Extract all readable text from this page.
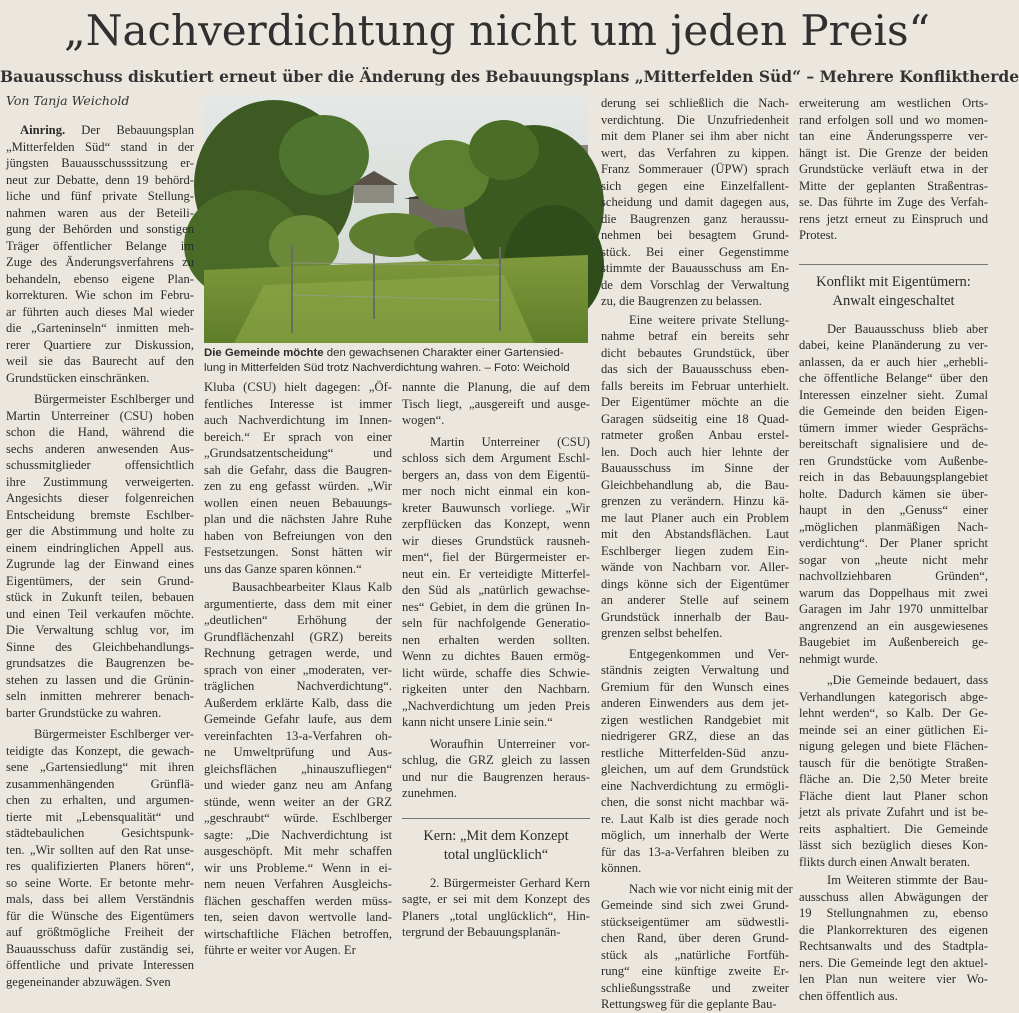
„Nachverdichtung nicht um jeden Preis“
Bauausschuss diskutiert erneut über die Änderung des Bebauungsplans „Mitterfelden Süd“ – Mehrere Konfliktherde
Von Tanja Weichold
Die Gemeinde möchte den gewachsenen Charakter einer Gartensied-
lung in Mitterfelden Süd trotz Nachverdichtung wahren. – Foto: Weichold

Ainring. Der Bebauungsplan
„Mitterfelden Süd“ stand in der
jüngsten Bauausschusssitzung er-
neut zur Debatte, denn 19 behörd-
liche und fünf private Stellung-
nahmen waren aus der Beteili-
gung der Behörden und sonstigen
Träger öffentlicher Belange im
Zuge des Änderungsverfahrens zu
behandeln, ebenso eigene Plan-
korrekturen. Wie schon im Febru-
ar führten auch dieses Mal wieder
die „Garteninseln“ inmitten meh-
rerer Quartiere zur Diskussion,
weil sie das Baurecht auf den
Grundstücken einschränken.

Bürgermeister Eschlberger und
Martin Unterreiner (CSU) hoben
schon die Hand, während die
sechs anderen anwesenden Aus-
schussmitglieder offensichtlich
ihre Zustimmung verweigerten.
Angesichts dieser folgenreichen
Entscheidung bremste Eschlber-
ger die Abstimmung und holte zu
einem eindringlichen Appell aus.
Zugrunde lag der Einwand eines
Eigentümers, der sein Grund-
stück in Zukunft teilen, bebauen
und einen Teil verkaufen möchte.
Die Verwaltung schlug vor, im
Sinne des Gleichbehandlungs-
grundsatzes die Baugrenzen be-
stehen zu lassen und die Grünin-
seln inmitten mehrerer benach-
barter Grundstücke zu wahren.

Bürgermeister Eschlberger ver-
teidigte das Konzept, die gewach-
sene „Gartensiedlung“ mit ihren
zusammenhängenden Grünflä-
chen zu erhalten, und argumen-
tierte mit „Lebensqualität“ und
städtebaulichen Gesichtspunk-
ten. „Wir sollten auf den Rat unse-
res qualifizierten Planers hören“,
so seine Worte. Er betonte mehr-
mals, dass bei allem Verständnis
für die Wünsche des Eigentümers
auf größtmögliche Freiheit der
Bauausschuss dafür zuständig sei,
öffentliche und private Interessen
gegeneinander abzuwägen. Sven

Kluba (CSU) hielt dagegen: „Öf-
fentliches Interesse ist immer
auch Nachverdichtung im Innen-
bereich.“ Er sprach von einer
„Grundsatzentscheidung“ und
sah die Gefahr, dass die Baugren-
zen zu eng gefasst würden. „Wir
wollen einen neuen Bebauungs-
plan und die nächsten Jahre Ruhe
haben von Befreiungen von den
Festsetzungen. Sonst hätten wir
uns das Ganze sparen können.“

Bausachbearbeiter Klaus Kalb
argumentierte, dass dem mit einer
„deutlichen“ Erhöhung der
Grundflächenzahl (GRZ) bereits
Rechnung getragen werde, und
sprach von einer „moderaten, ver-
träglichen Nachverdichtung“.
Außerdem erklärte Kalb, dass die
Gemeinde Gefahr laufe, aus dem
vereinfachten 13-a-Verfahren oh-
ne Umweltprüfung und Aus-
gleichsflächen „hinauszufliegen“
und wieder ganz neu am Anfang
stünde, wenn weiter an der GRZ
„geschraubt“ würde. Eschlberger
sagte: „Die Nachverdichtung ist
ausgeschöpft. Mit mehr schaffen
wir uns Probleme.“ Wenn in ei-
nem neuen Verfahren Ausgleichs-
flächen geschaffen werden müss-
ten, seien davon wertvolle land-
wirtschaftliche Flächen betroffen,
führte er weiter vor Augen. Er

nannte die Planung, die auf dem
Tisch liegt, „ausgereift und ausge-
wogen“.

Martin Unterreiner (CSU)
schloss sich dem Argument Eschl-
bergers an, dass von dem Eigentü-
mer noch nicht einmal ein kon-
kreter Bauwunsch vorliege. „Wir
zerpflücken das Konzept, wenn
wir dieses Grundstück rausneh-
men“, fiel der Bürgermeister er-
neut ein. Er verteidigte Mitterfel-
den Süd als „natürlich gewachse-
nes“ Gebiet, in dem die grünen In-
seln für nachfolgende Generatio-
nen erhalten werden sollten.
Wenn zu dichtes Bauen ermög-
licht würde, schaffe dies Schwie-
rigkeiten unter den Nachbarn.
„Nachverdichtung um jeden Preis
kann nicht unsere Linie sein.“

Woraufhin Unterreiner vor-
schlug, die GRZ gleich zu lassen
und nur die Baugrenzen heraus-
zunehmen.

Kern: „Mit dem Konzept
total unglücklich“

2. Bürgermeister Gerhard Kern
sagte, er sei mit dem Konzept des
Planers „total unglücklich“, Hin-
tergrund der Bebauungsplanän-

derung sei schließlich die Nach-
verdichtung. Die Unzufriedenheit
mit dem Planer sei ihm aber nicht
wert, das Verfahren zu kippen.
Franz Sommerauer (ÜPW) sprach
sich gegen eine Einzelfallent-
scheidung und damit dagegen aus,
die Baugrenzen ganz heraussu-
nehmen bei besagtem Grund-
stück. Bei einer Gegenstimme
stimmte der Bauausschuss am En-
de dem Vorschlag der Verwaltung
zu, die Baugrenzen zu belassen.

Eine weitere private Stellung-
nahme betraf ein bereits sehr
dicht bebautes Grundstück, über
das sich der Bauausschuss eben-
falls bereits im Februar unterhielt.
Der Eigentümer möchte an die
Garagen südseitig eine 18 Quad-
ratmeter großen Anbau erstel-
len. Doch auch hier lehnte der
Bauausschuss im Sinne der
Gleichbehandlung ab, die Bau-
grenzen zu verändern. Hinzu kä-
me laut Planer auch ein Problem
mit den Abstandsflächen. Laut
Eschlberger liegen zudem Ein-
wände von Nachbarn vor. Aller-
dings könne sich der Eigentümer
an anderer Stelle auf seinem
Grundstück innerhalb der Bau-
grenzen selbst behelfen.

Entgegenkommen und Ver-
ständnis zeigten Verwaltung und
Gremium für den Wunsch eines
anderen Einwenders aus dem jet-
zigen westlichen Randgebiet mit
niedrigerer GRZ, diese an das
restliche Mitterfelden-Süd anzu-
gleichen, um auf dem Grundstück
eine Nachverdichtung zu ermögli-
chen, die sonst nicht machbar wä-
re. Laut Kalb ist dies gerade noch
möglich, um innerhalb der Werte
für das 13-a-Verfahren bleiben zu
können.

Nach wie vor nicht einig mit der
Gemeinde sind sich zwei Grund-
stückseigentümer am südwestli-
chen Rand, über deren Grund-
stück als „natürliche Fortfüh-
rung“ eine künftige zweite Er-
schließungsstraße und zweiter
Rettungsweg für die geplante Bau-

erweiterung am westlichen Orts-
rand erfolgen soll und wo momen-
tan eine Änderungssperre ver-
hängt ist. Die Grenze der beiden
Grundstücke verläuft etwa in der
Mitte der geplanten Straßentras-
se. Das führte im Zuge des Verfah-
rens jetzt erneut zu Einspruch und
Protest.

Konflikt mit Eigentümern:
Anwalt eingeschaltet

Der Bauausschuss blieb aber
dabei, keine Planänderung zu ver-
anlassen, da er auch hier „erhebli-
che öffentliche Belange“ über den
Interessen einzelner sieht. Zumal
die Gemeinde den beiden Eigen-
tümern immer wieder Gesprächs-
bereitschaft signalisiere und de-
ren Grundstücke vom Außenbe-
reich in das Bebauungsplangebiet
holte. Dadurch kämen sie über-
haupt in den „Genuss“ einer
„möglichen planmäßigen Nach-
verdichtung“. Der Planer spricht
sogar von „heute nicht mehr
nachvollziehbaren Gründen“,
warum das Doppelhaus mit zwei
Garagen im Jahr 1970 unmittelbar
angrenzend an ein ausgewiesenes
Baugebiet im Außenbereich ge-
nehmigt wurde.

„Die Gemeinde bedauert, dass
Verhandlungen kategorisch abge-
lehnt werden“, so Kalb. Der Ge-
meinde sei an einer gütlichen Ei-
nigung gelegen und biete Flächen-
tausch für die benötigte Straßen-
fläche an. Die 2,50 Meter breite
Fläche dient laut Planer schon
jetzt als private Zufahrt und ist be-
reits asphaltiert. Die Gemeinde
lässt sich bezüglich dieses Kon-
flikts durch einen Anwalt beraten.

Im Weiteren stimmte der Bau-
ausschuss allen Abwägungen der
19 Stellungnahmen zu, ebenso
die Plankorrekturen des eigenen
Rechtsanwalts und des Stadtpla-
ners. Die Gemeinde legt den aktuel-
len Plan nun weitere vier Wo-
chen öffentlich aus.
